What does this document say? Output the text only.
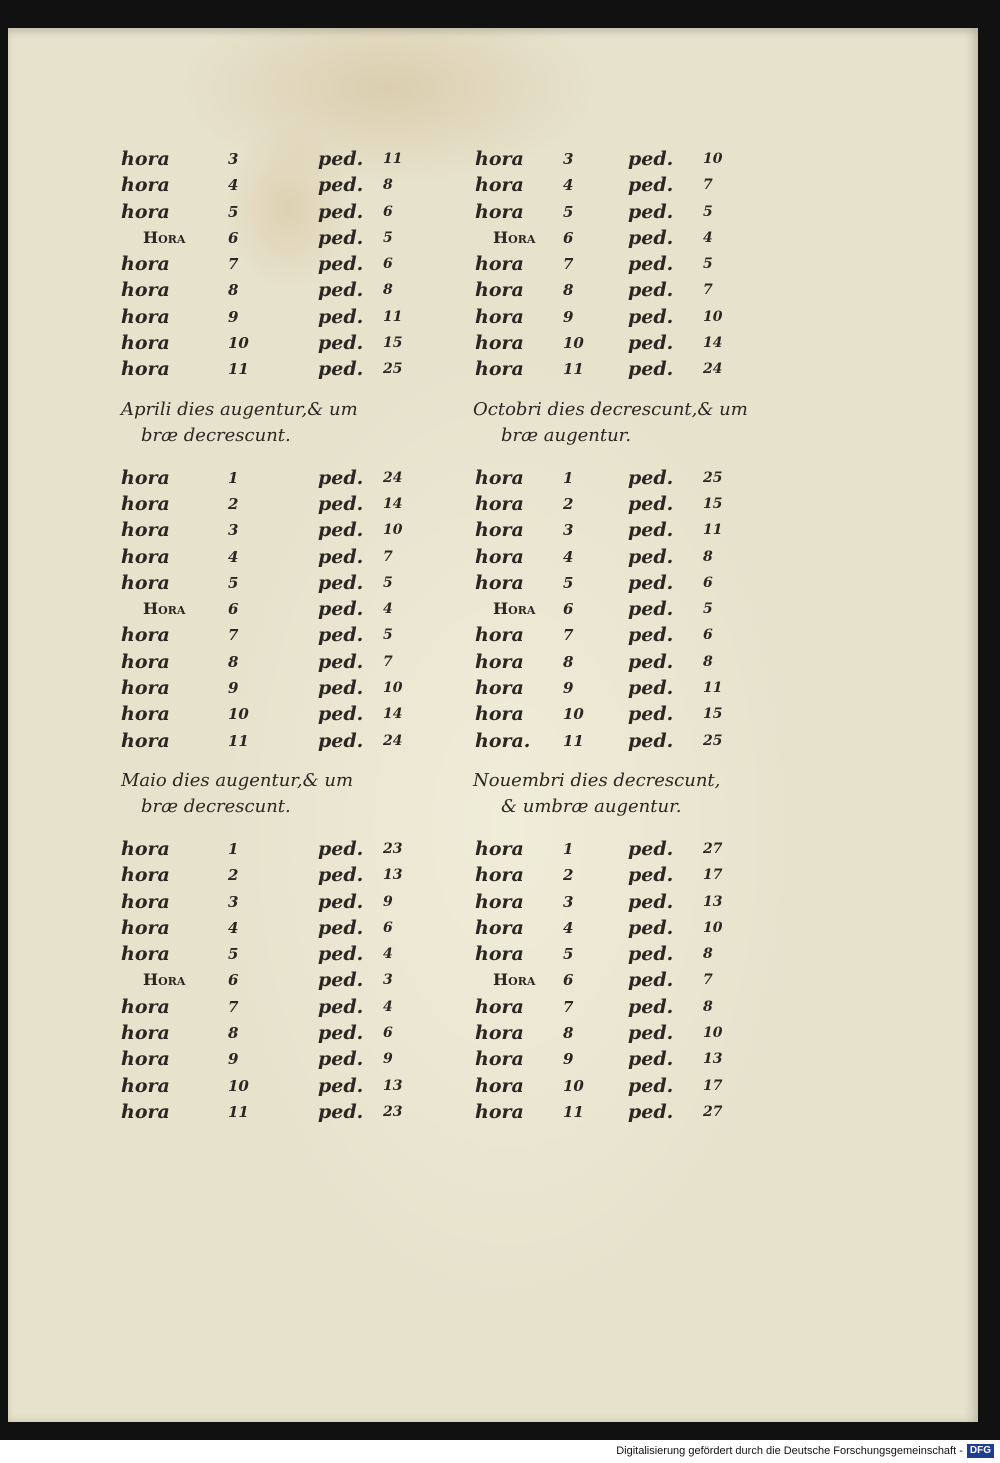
hora	3	ped. 11
hora	4	ped. 8
hora	5	ped. 6
Hora	6	ped. 5
hora	7	ped. 6
hora	8	ped. 8
hora	9	ped. 11
hora	10	ped. 15
hora	11	ped. 25
Aprili dies augentur,& um
bræ decrescunt.
hora	1	ped. 24
hora	2	ped. 14
hora	3	ped. 10
hora	4	ped. 7
hora	5	ped. 5
Hora	6	ped. 4
hora	7	ped. 5
hora	8	ped. 7
hora	9	ped. 10
hora	10	ped. 14
hora	11	ped. 24
Maio dies augentur,& um
bræ decrescunt.
hora	1	ped. 23
hora	2	ped. 13
hora	3	ped. 9
hora	4	ped. 6
hora	5	ped. 4
Hora	6	ped. 3
hora	7	ped. 4
hora	8	ped. 6
hora	9	ped. 9
hora	10	ped. 13
hora	11	ped. 23
hora	3	ped. 10
hora	4	ped. 7
hora	5	ped. 5
Hora 6	ped. 4
hora	7	ped. 5
hora	8	ped. 7
hora	9	ped. 10
hora	10 ped. 14
hora	11 ped. 24
Octobri dies decrescunt,& um
bræ augentur.
hora	1	ped. 25
hora	2	ped. 15
hora	3	ped. 11
hora	4	ped. 8
hora	5	ped. 6
Hora 6	ped. 5
hora	7	ped. 6
hora	8	ped. 8
hora	9	ped. 11
hora	10 ped. 15
hora. 11 ped. 25
Nouembri dies decrescunt,
& umbræ augentur.
hora	1	ped. 27
hora	2	ped. 17
hora	3	ped. 13
hora	4	ped. 10
hora	5	ped. 8
Hora 6	ped. 7
hora	7	ped. 8
hora	8	ped. 10
hora	9	ped. 13
hora	10 ped. 17
hora	11 ped. 27
Digitalisierung gefördert durch die Deutsche Forschungsgemeinschaft - DFG
